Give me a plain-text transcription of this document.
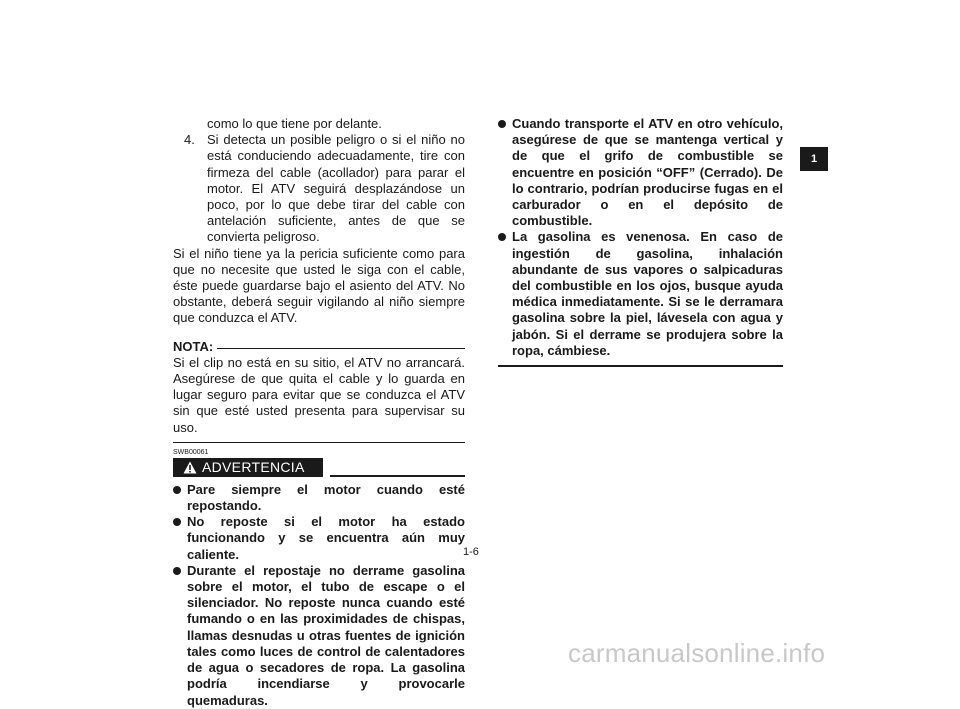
como lo que tiene por delante.

4. Si detecta un posible peligro o si el niño no está conduciendo adecuadamente, tire con firmeza del cable (acollador) para parar el motor. El ATV seguirá desplazándose un poco, por lo que debe tirar del cable con antelación suficiente, antes de que se convierta peligroso.

Si el niño tiene ya la pericia suficiente como para que no necesite que usted le siga con el cable, éste puede guardarse bajo el asiento del ATV. No obstante, deberá seguir vigilando al niño siempre que conduzca el ATV.

NOTA:

Si el clip no está en su sitio, el ATV no arrancará. Asegúrese de que quita el cable y lo guarda en lugar seguro para evitar que se conduzca el ATV sin que esté usted presenta para supervisar su uso.

SWB00061
ADVERTENCIA
Pare siempre el motor cuando esté repostando.
No reposte si el motor ha estado funcionando y se encuentra aún muy caliente.
Durante el repostaje no derrame gasolina sobre el motor, el tubo de escape o el silenciador. No reposte nunca cuando esté fumando o en las proximidades de chispas, llamas desnudas u otras fuentes de ignición tales como luces de control de calentadores de agua o secadores de ropa. La gasolina podría incendiarse y provocarle quemaduras.
Cuando transporte el ATV en otro vehículo, asegúrese de que se mantenga vertical y de que el grifo de combustible se encuentre en posición “OFF” (Cerrado). De lo contrario, podrían producirse fugas en el carburador o en el depósito de combustible.
La gasolina es venenosa. En caso de ingestión de gasolina, inhalación abundante de sus vapores o salpicaduras del combustible en los ojos, busque ayuda médica inmediatamente. Si se le derramara gasolina sobre la piel, lávesela con agua y jabón. Si el derrame se produjera sobre la ropa, cámbiese.
1-6
1
carmanualsonline.info
